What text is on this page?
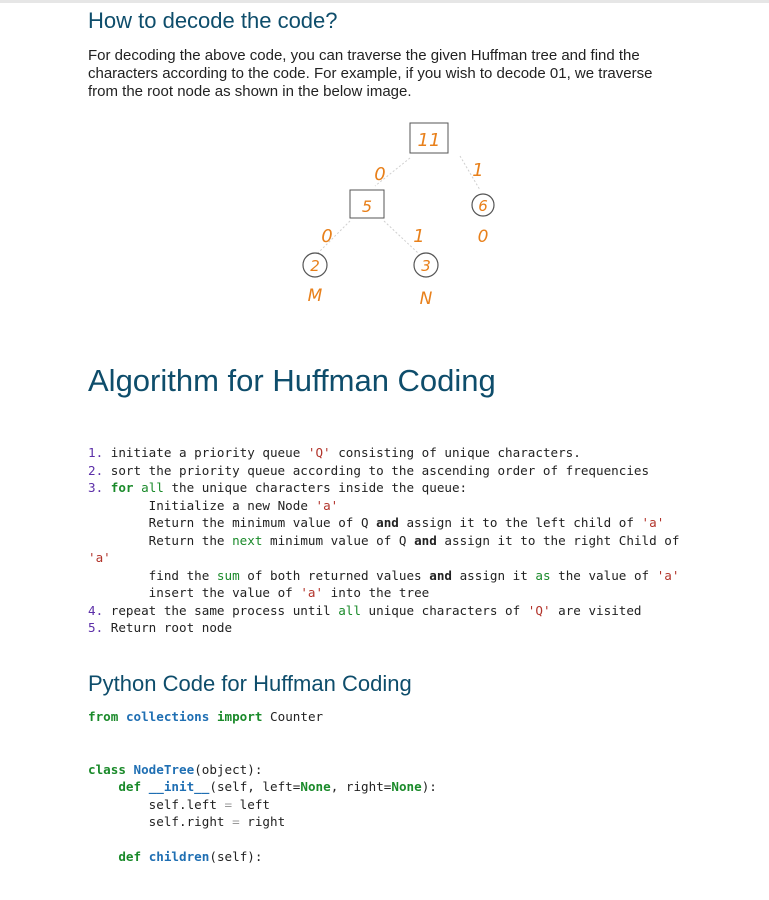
How to decode the code?

For decoding the above code, you can traverse the given Huffman tree and find the
characters according to the code. For example, if you wish to decode 01, we traverse
from the root node as shown in the below image.

11
0	1
5	6
0
0	1
2
M
3
N
Algorithm for Huffman Coding
1. initiate a priority queue 'Q' consisting of unique characters.
2. sort the priority queue according to the ascending order of frequencies
3. for all the unique characters inside the queue:
Initialize a new Node 'a'
Return the minimum value of Q and assign it to the left child of 'a'
Return the next minimum value of Q and assign it to the right Child of
'a'
find the sum of both returned values and assign it as the value of 'a'
insert the value of 'a' into the tree
4. repeat the same process until all unique characters of 'Q' are visited
5. Return root node
Python Code for Huffman Coding
from collections import Counter

class NodeTree(object):
def __init__(self, left=None, right=None):
self.left = left
self.right = right

def children(self):
